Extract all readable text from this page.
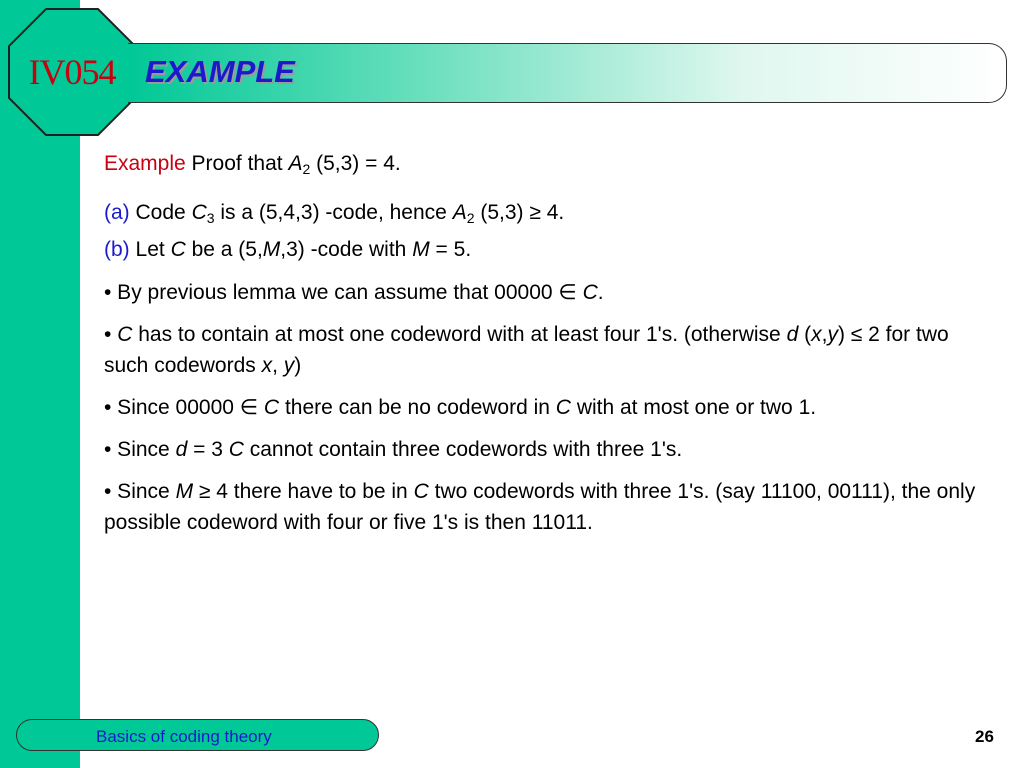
IV054 EXAMPLE

Example Proof that $A_2$ (5,3) = 4.

(a) Code $C_3$ is a (5,4,3) -code, hence $A_2$ (5,3) ≥ 4.

(b) Let C be a (5,M,3) -code with M = 5.

• By previous lemma we can assume that 00000 ∈ C.

• C has to contain at most one codeword with at least four 1's. (otherwise d (x,y) ≤ 2 for two such codewords x, y)

• Since 00000 ∈ C there can be no codeword in C with at most one or two 1.

• Since d = 3 C cannot contain three codewords with three 1's.

• Since M ≥ 4 there have to be in C two codewords with three 1's. (say 11100, 00111), the only possible codeword with four or five 1's is then 11011.

Basics of coding theory	26
